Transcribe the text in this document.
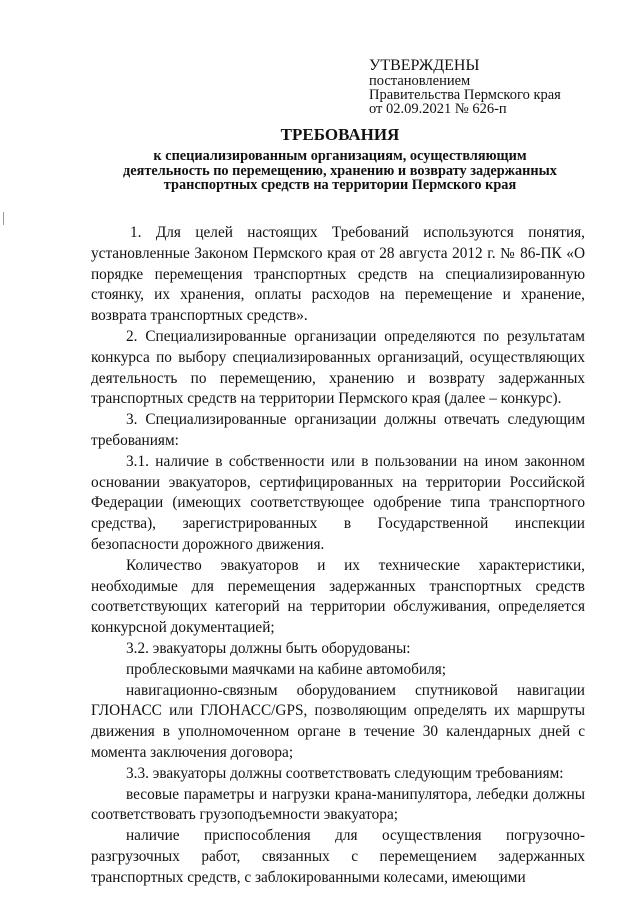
УТВЕРЖДЕНЫ
постановлением
Правительства Пермского края
от 02.09.2021 № 626-п
ТРЕБОВАНИЯ
к специализированным организациям, осуществляющим
деятельность по перемещению, хранению и возврату задержанных
транспортных средств на территории Пермского края

1. Для целей настоящих Требований используются понятия, установленные Законом Пермского края от 28 августа 2012 г. № 86-ПК «О порядке перемещения транспортных средств на специализированную стоянку, их хранения, оплаты расходов на перемещение и хранение, возврата транспортных средств».

2. Специализированные организации определяются по результатам конкурса по выбору специализированных организаций, осуществляющих деятельность по перемещению, хранению и возврату задержанных транспортных средств на территории Пермского края (далее – конкурс).

3. Специализированные организации должны отвечать следующим требованиям:

3.1. наличие в собственности или в пользовании на ином законном основании эвакуаторов, сертифицированных на территории Российской Федерации (имеющих соответствующее одобрение типа транспортного средства), зарегистрированных в Государственной инспекции безопасности дорожного движения.

Количество эвакуаторов и их технические характеристики, необходимые для перемещения задержанных транспортных средств соответствующих категорий на территории обслуживания, определяется конкурсной документацией;

3.2. эвакуаторы должны быть оборудованы:

проблесковыми маячками на кабине автомобиля;

навигационно-связным оборудованием спутниковой навигации ГЛОНАСС или ГЛОНАСС/GPS, позволяющим определять их маршруты движения в уполномоченном органе в течение 30 календарных дней с момента заключения договора;

3.3. эвакуаторы должны соответствовать следующим требованиям:

весовые параметры и нагрузки крана-манипулятора, лебедки должны соответствовать грузоподъемности эвакуатора;

наличие приспособления для осуществления погрузочно-разгрузочных работ, связанных с перемещением задержанных транспортных средств, с заблокированными колесами, имеющими
